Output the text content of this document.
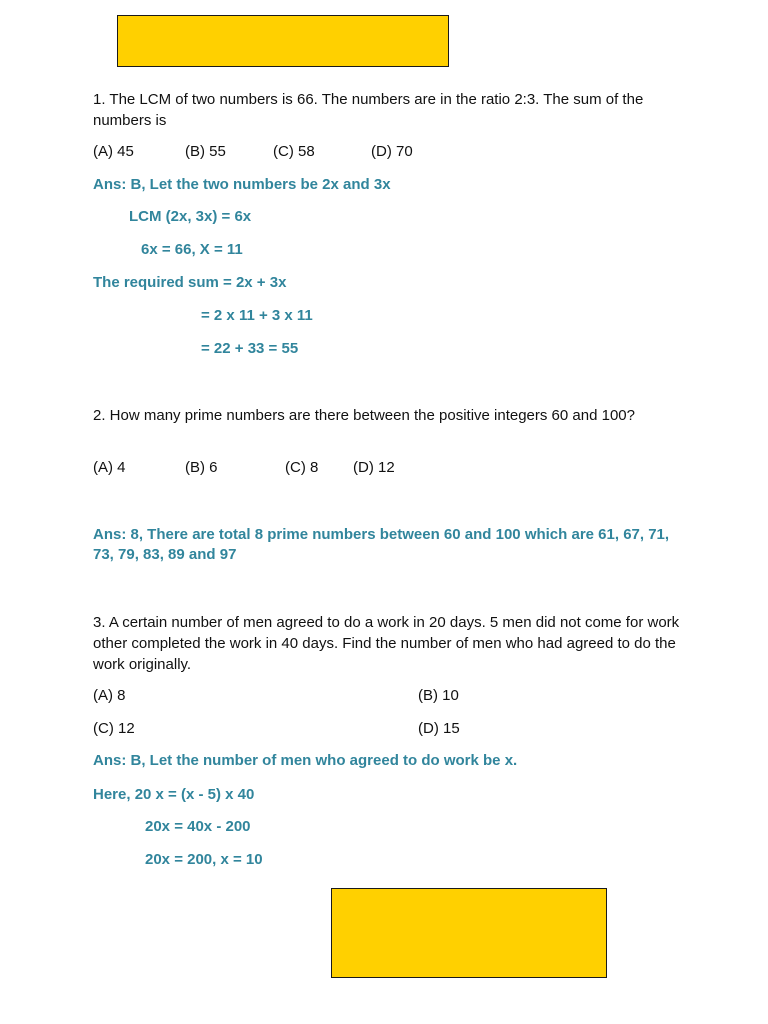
1. The LCM of two numbers is 66. The numbers are in the ratio 2:3. The sum of the numbers is
(A) 45	(B) 55	(C) 58	(D) 70
Ans: B, Let the two numbers be 2x and 3x
LCM (2x, 3x) = 6x
6x = 66, X = 11
The required sum = 2x + 3x
= 2 x 11 + 3 x 11
= 22 + 33 = 55
2. How many prime numbers are there between the positive integers 60 and 100?
(A) 4	(B) 6	(C) 8 (D) 12
Ans: 8, There are total 8 prime numbers between 60 and 100 which are 61, 67, 71, 73, 79, 83, 89 and 97
3. A certain number of men agreed to do a work in 20 days. 5 men did not come for work other completed the work in 40 days. Find the number of men who had agreed to do the work originally.
(A) 8	(B) 10
(C) 12	(D) 15
Ans: B, Let the number of men who agreed to do work be x.
Here, 20 x = (x - 5) x 40
20x = 40x - 200
20x = 200, x = 10
